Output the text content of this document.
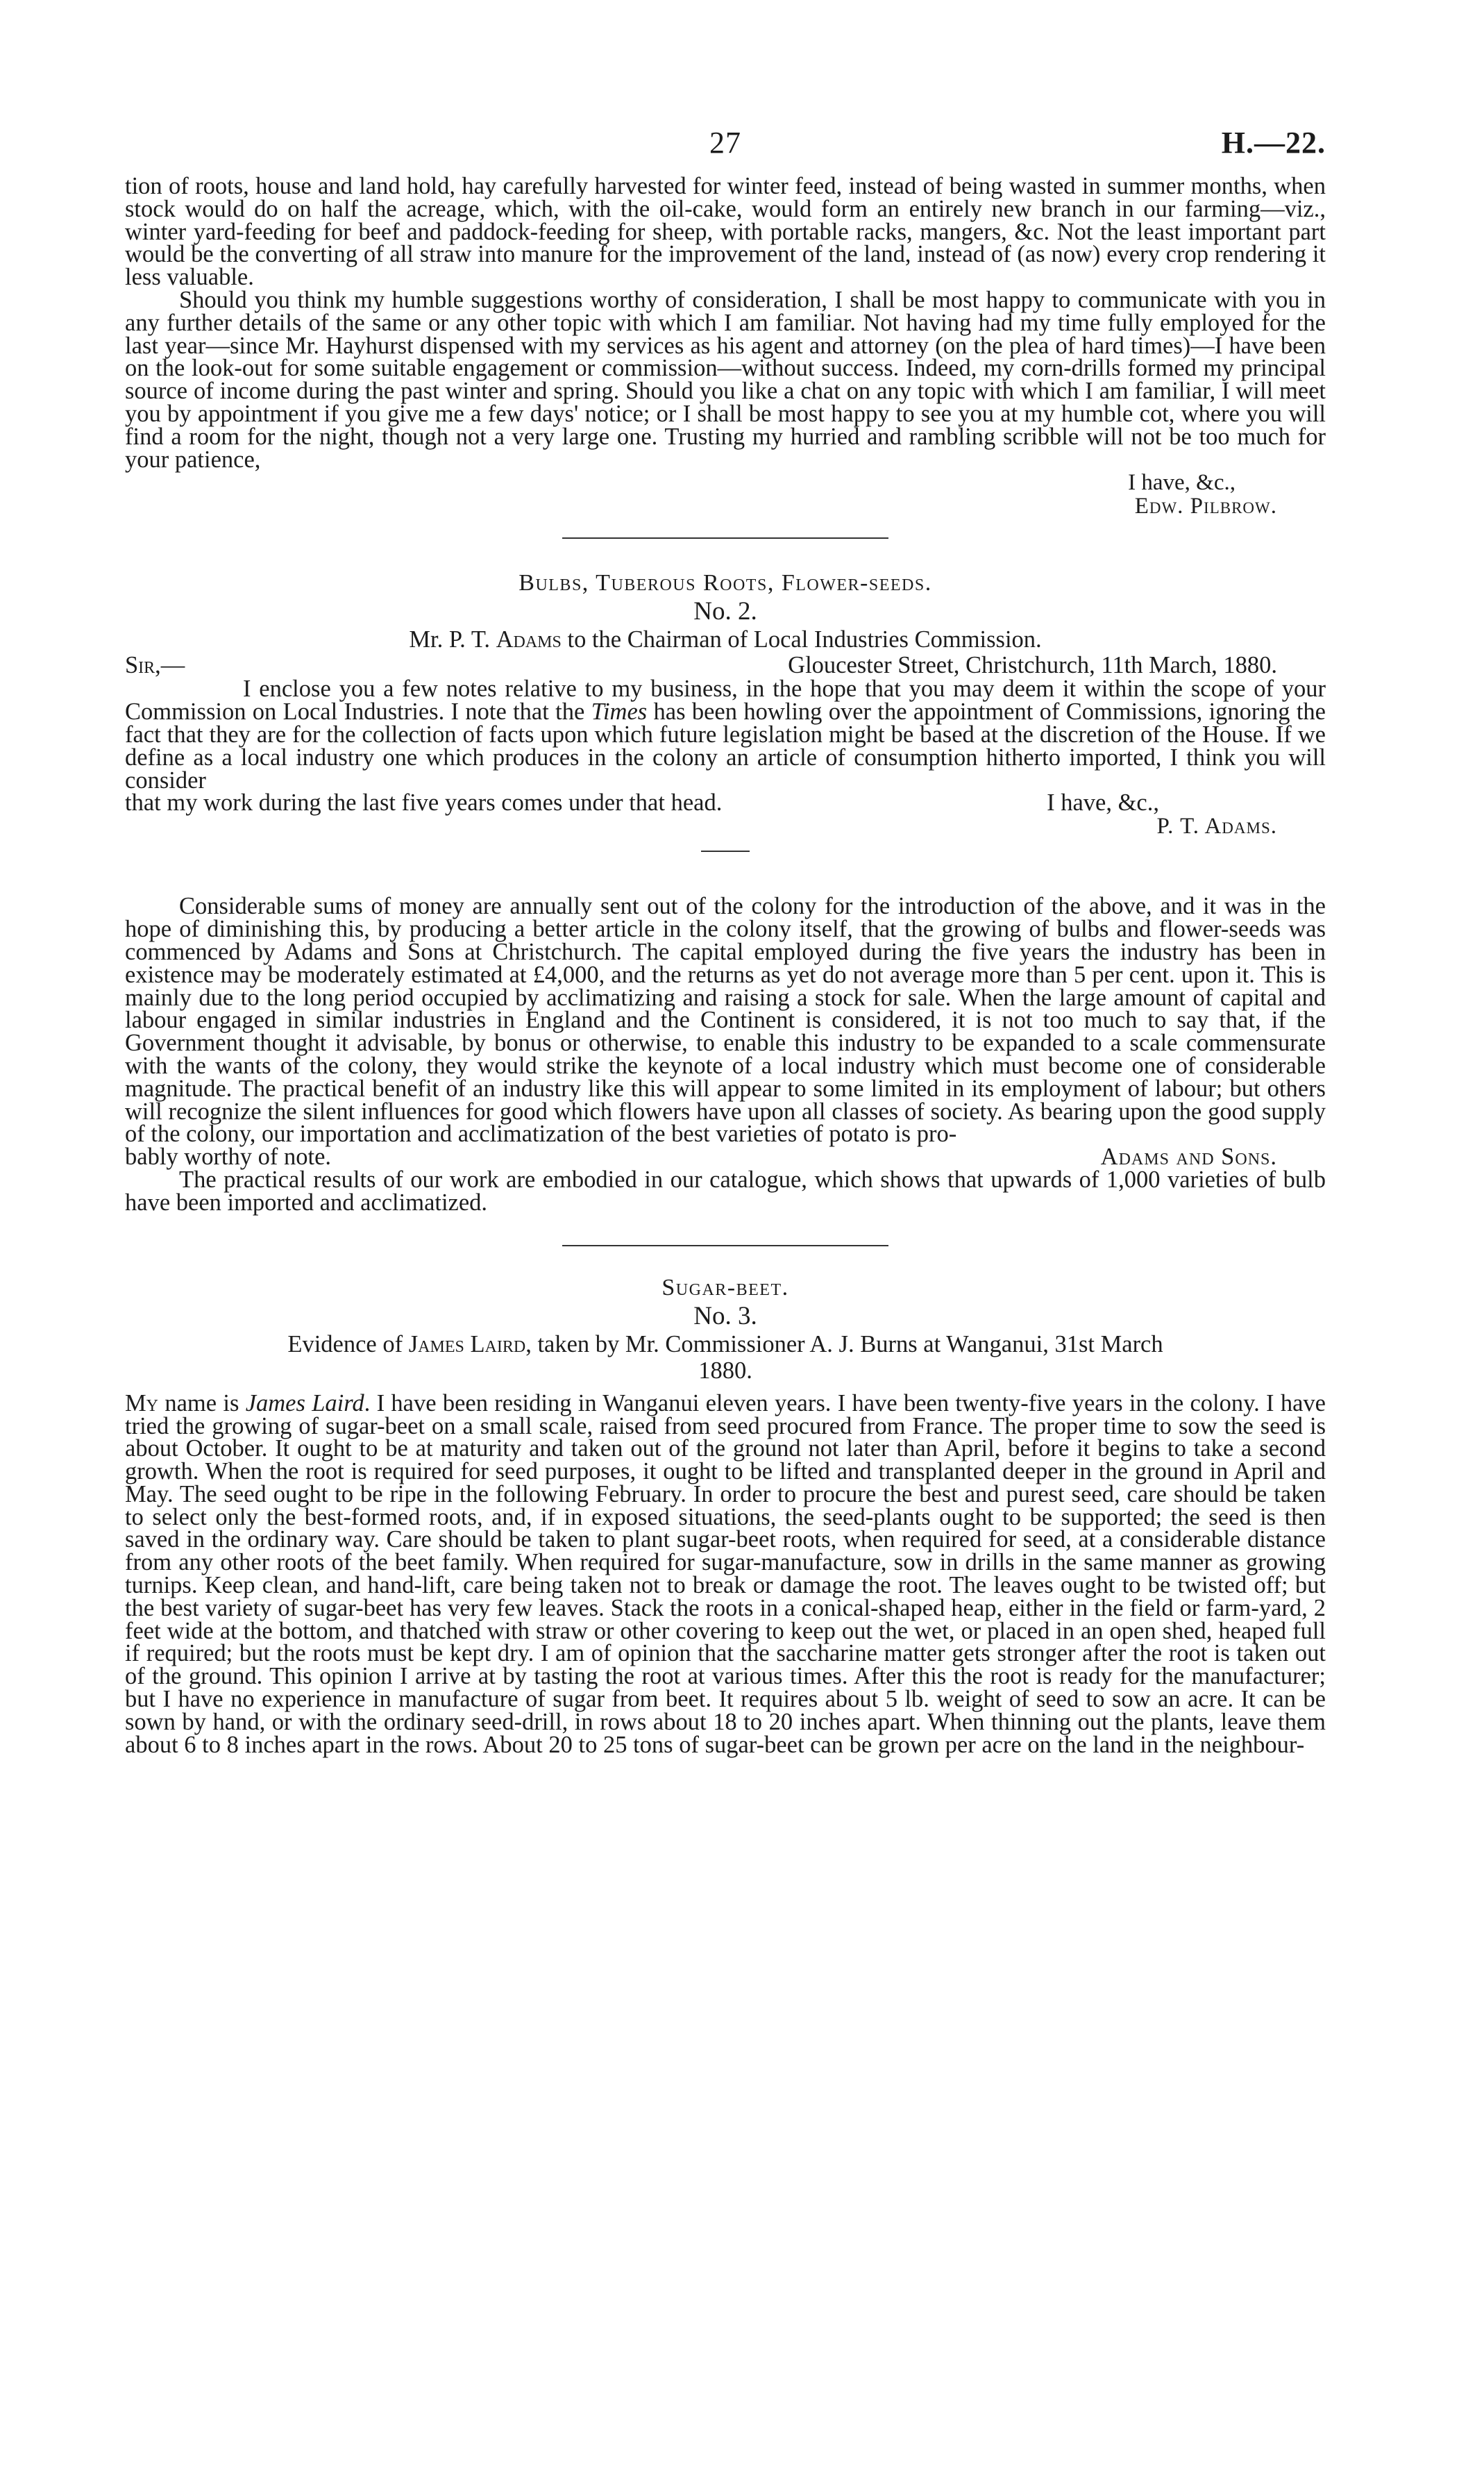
27	H.—22.

tion of roots, house and land hold, hay carefully harvested for winter feed, instead of being wasted in summer months, when stock would do on half the acreage, which, with the oil-cake, would form an entirely new branch in our farming—viz., winter yard-feeding for beef and paddock-feeding for sheep, with portable racks, mangers, &c. Not the least important part would be the converting of all straw into manure for the improvement of the land, instead of (as now) every crop rendering it less valuable.

Should you think my humble suggestions worthy of consideration, I shall be most happy to communicate with you in any further details of the same or any other topic with which I am familiar. Not having had my time fully employed for the last year—since Mr. Hayhurst dispensed with my services as his agent and attorney (on the plea of hard times)—I have been on the look-out for some suitable engagement or commission—without success. Indeed, my corn-drills formed my principal source of income during the past winter and spring. Should you like a chat on any topic with which I am familiar, I will meet you by appointment if you give me a few days' notice; or I shall be most happy to see you at my humble cot, where you will find a room for the night, though not a very large one. Trusting my hurried and rambling scribble will not be too much for your patience,

I have, &c.,
Edw. Pilbrow.
Bulbs, Tuberous Roots, Flower-seeds.
No. 2.
Mr. P. T. Adams to the Chairman of Local Industries Commission.
Sir,—	Gloucester Street, Christchurch, 11th March, 1880.

I enclose you a few notes relative to my business, in the hope that you may deem it within the scope of your Commission on Local Industries. I note that the Times has been howling over the appointment of Commissions, ignoring the fact that they are for the collection of facts upon which future legislation might be based at the discretion of the House. If we define as a local industry one which produces in the colony an article of consumption hitherto imported, I think you will consider

that my work during the last five years comes under that head.	I have, &c.,
P. T. Adams.

Considerable sums of money are annually sent out of the colony for the introduction of the above, and it was in the hope of diminishing this, by producing a better article in the colony itself, that the growing of bulbs and flower-seeds was commenced by Adams and Sons at Christchurch. The capital employed during the five years the industry has been in existence may be moderately estimated at £4,000, and the returns as yet do not average more than 5 per cent. upon it. This is mainly due to the long period occupied by acclimatizing and raising a stock for sale. When the large amount of capital and labour engaged in similar industries in England and the Continent is considered, it is not too much to say that, if the Government thought it advisable, by bonus or otherwise, to enable this industry to be expanded to a scale commensurate with the wants of the colony, they would strike the keynote of a local industry which must become one of considerable magnitude. The practical benefit of an industry like this will appear to some limited in its employment of labour; but others will recognize the silent influences for good which flowers have upon all classes of society. As bearing upon the good supply of the colony, our importation and acclimatization of the best varieties of potato is pro-

bably worthy of note.	Adams and Sons.

The practical results of our work are embodied in our catalogue, which shows that upwards of 1,000 varieties of bulb have been imported and acclimatized.

Sugar-beet.
No. 3.
Evidence of James Laird, taken by Mr. Commissioner A. J. Burns at Wanganui, 31st March
1880.

My name is James Laird. I have been residing in Wanganui eleven years. I have been twenty-five years in the colony. I have tried the growing of sugar-beet on a small scale, raised from seed procured from France. The proper time to sow the seed is about October. It ought to be at maturity and taken out of the ground not later than April, before it begins to take a second growth. When the root is required for seed purposes, it ought to be lifted and transplanted deeper in the ground in April and May. The seed ought to be ripe in the following February. In order to procure the best and purest seed, care should be taken to select only the best-formed roots, and, if in exposed situations, the seed-plants ought to be supported; the seed is then saved in the ordinary way. Care should be taken to plant sugar-beet roots, when required for seed, at a considerable distance from any other roots of the beet family. When required for sugar-manufacture, sow in drills in the same manner as growing turnips. Keep clean, and hand-lift, care being taken not to break or damage the root. The leaves ought to be twisted off; but the best variety of sugar-beet has very few leaves. Stack the roots in a conical-shaped heap, either in the field or farm-yard, 2 feet wide at the bottom, and thatched with straw or other covering to keep out the wet, or placed in an open shed, heaped full if required; but the roots must be kept dry. I am of opinion that the saccharine matter gets stronger after the root is taken out of the ground. This opinion I arrive at by tasting the root at various times. After this the root is ready for the manufacturer; but I have no experience in manufacture of sugar from beet. It requires about 5 lb. weight of seed to sow an acre. It can be sown by hand, or with the ordinary seed-drill, in rows about 18 to 20 inches apart. When thinning out the plants, leave them about 6 to 8 inches apart in the rows. About 20 to 25 tons of sugar-beet can be grown per acre on the land in the neighbour-
